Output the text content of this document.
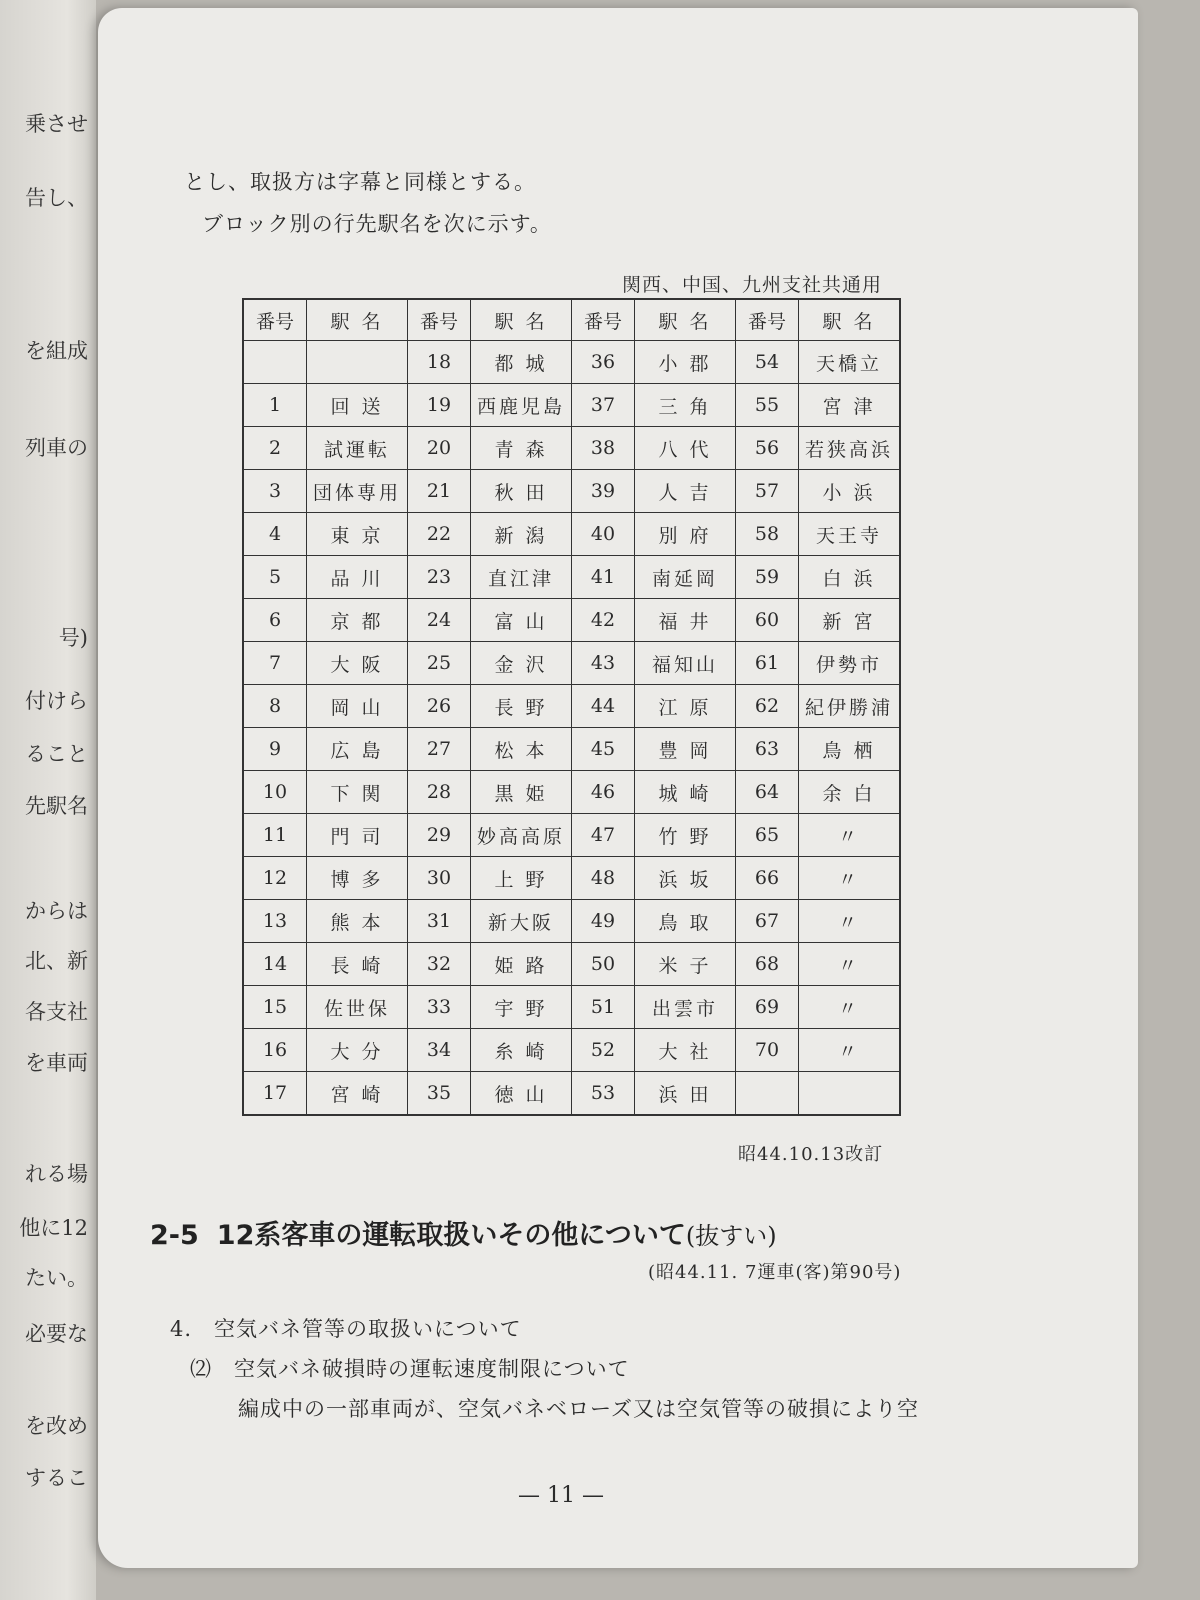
乗させ
告し、
を組成
列車の
号)
付けら
ること
先駅名
からは
北、新
各支社
を車両
れる場
他に12
たい。
必要な
を改め
するこ
とし、取扱方は字幕と同様とする。
ブロック別の行先駅名を次に示す。
関西、中国、九州支社共通用
番号	駅 名	番号	駅 名	番号	駅 名	番号	駅 名
		18	都 城	36	小 郡	54	天橋立
1	回 送	19	西鹿児島	37	三 角	55	宮 津
2	試運転	20	青 森	38	八 代	56	若狭高浜
3	団体専用	21	秋 田	39	人 吉	57	小 浜
4	東 京	22	新 潟	40	別 府	58	天王寺
5	品 川	23	直江津	41	南延岡	59	白 浜
6	京 都	24	富 山	42	福 井	60	新 宮
7	大 阪	25	金 沢	43	福知山	61	伊勢市
8	岡 山	26	長 野	44	江 原	62	紀伊勝浦
9	広 島	27	松 本	45	豊 岡	63	鳥 栖
10	下 関	28	黒 姫	46	城 崎	64	余 白
11	門 司	29	妙高高原	47	竹 野	65	〃
12	博 多	30	上 野	48	浜 坂	66	〃
13	熊 本	31	新大阪	49	鳥 取	67	〃
14	長 崎	32	姫 路	50	米 子	68	〃
15	佐世保	33	宇 野	51	出雲市	69	〃
16	大 分	34	糸 崎	52	大 社	70	〃
17	宮 崎	35	徳 山	53	浜 田		
昭44.10.13改訂
2-5 12系客車の運転取扱いその他について(抜すい)
(昭44.11. 7運車(客)第90号)
4.　空気バネ管等の取扱いについて
⑵　空気バネ破損時の運転速度制限について
編成中の一部車両が、空気バネベローズ又は空気管等の破損により空
— 11 —
